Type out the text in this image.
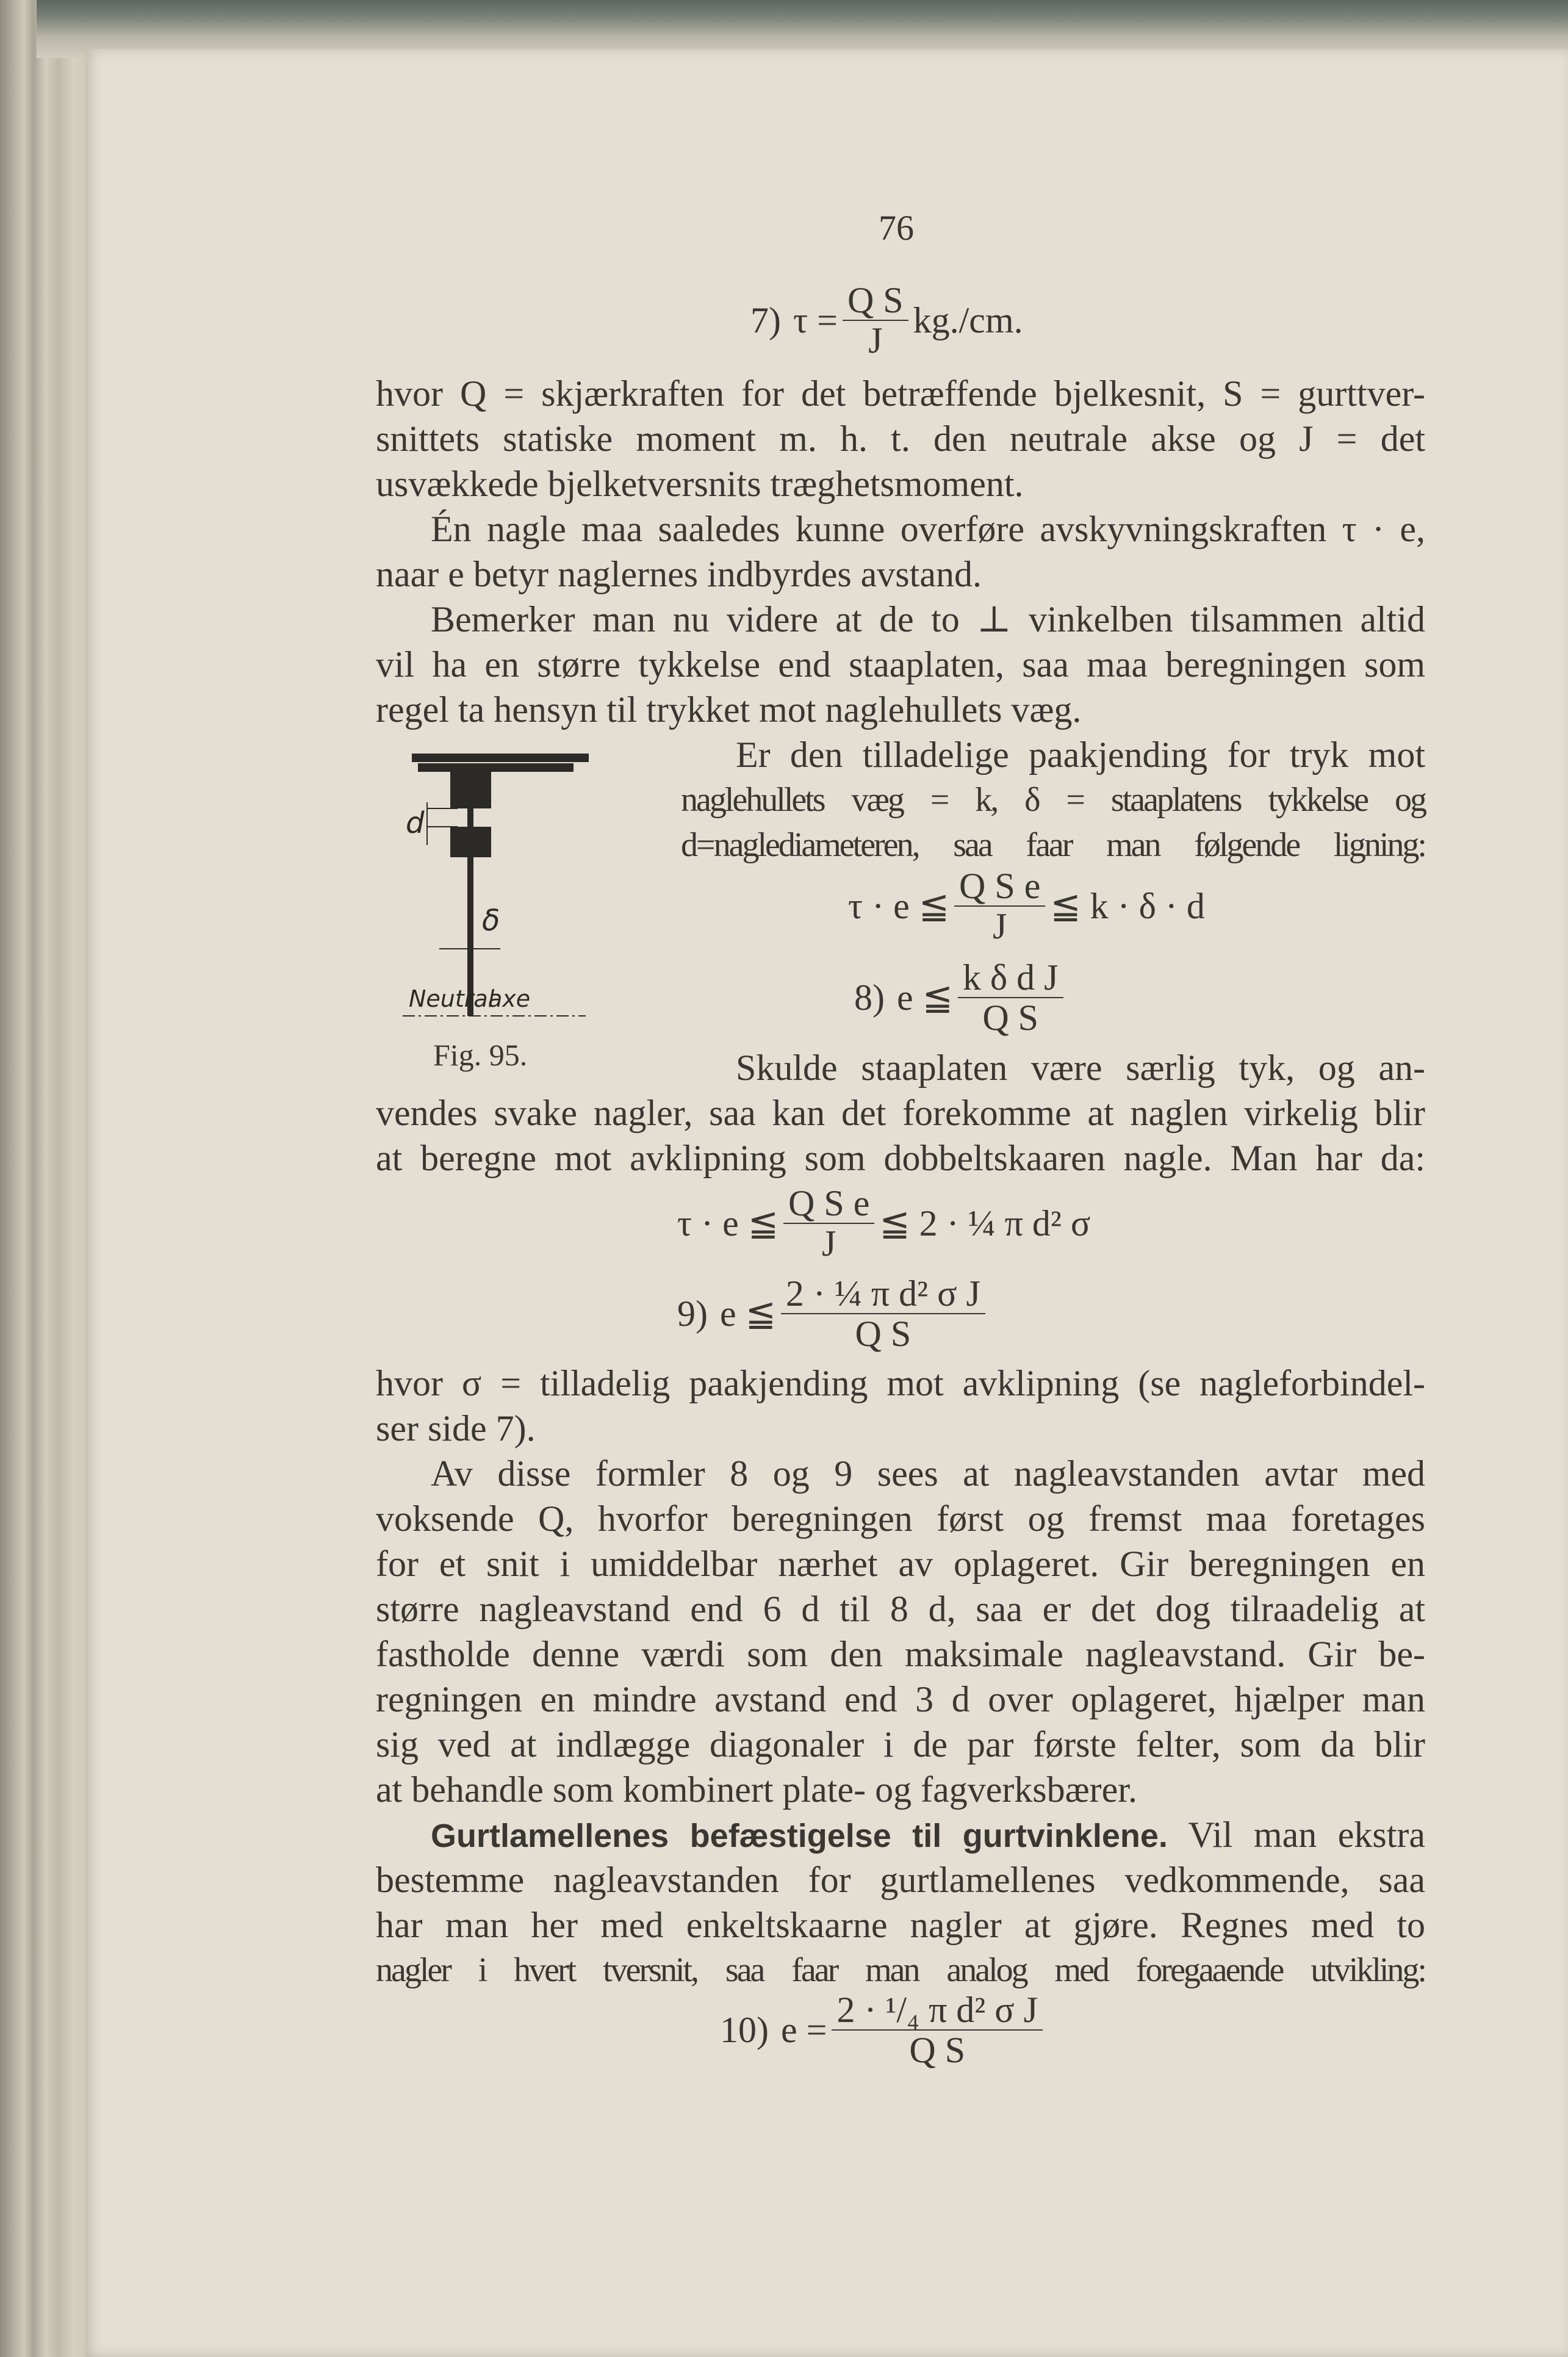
76
7) $\tau = \frac{\text{Q S}}{J} kg./cm$.
hvor Q = skjærkraften for det betræffende bjelkesnit, S = gurttver-
snittets statiske moment m. h. t. den neutrale akse og J = det
usvækkede bjelketversnits træghetsmoment.
Én nagle maa saaledes kunne overføre avskyvningskraften τ · e,
naar e betyr naglernes indbyrdes avstand.
Bemerker man nu videre at de to ⊥ vinkelben tilsammen altid
vil ha en større tykkelse end staaplaten, saa maa beregningen som
regel ta hensyn til trykket mot naglehullets væg.
Er den tilladelige paakjending for tryk mot
naglehullets væg = k, δ = staaplatens tykkelse og
d=naglediameteren, saa faar man følgende ligning:
d
δ
Neutral
axe
Fig. 95.
τ · e ≦ $\frac{\text{Q S e}}{J}$ ≦ k · δ · d
8) e ≦ $\frac{\text{k δ d J}}{\text{Q S}}$
Skulde staaplaten være særlig tyk, og an-
vendes svake nagler, saa kan det forekomme at naglen virkelig blir
at beregne mot avklipning som dobbeltskaaren nagle. Man har da:
τ · e ≦ $\frac{\text{Q S e}}{J}$ ≦ 2 · ¼ π d² σ
9) e ≦ $\frac{\text{2 · ¼ π d² σ J}}{\text{Q S}}$
hvor σ = tilladelig paakjending mot avklipning (se nagleforbindel-
ser side 7).
Av disse formler 8 og 9 sees at nagleavstanden avtar med
voksende Q, hvorfor beregningen først og fremst maa foretages
for et snit i umiddelbar nærhet av oplageret. Gir beregningen en
større nagleavstand end 6 d til 8 d, saa er det dog tilraadelig at
fastholde denne værdi som den maksimale nagleavstand. Gir be-
regningen en mindre avstand end 3 d over oplageret, hjælper man
sig ved at indlægge diagonaler i de par første felter, som da blir
at behandle som kombinert plate- og fagverksbærer.
Gurtlamellenes befæstigelse til gurtvinklene. Vil man ekstra
bestemme nagleavstanden for gurtlamellenes vedkommende, saa
har man her med enkeltskaarne nagler at gjøre. Regnes med to
nagler i hvert tversnit, saa faar man analog med foregaaende utvikling:
10) $e = \frac{\text{2 · ¹/₄ π d² σ J}}{\text{Q S}}$
